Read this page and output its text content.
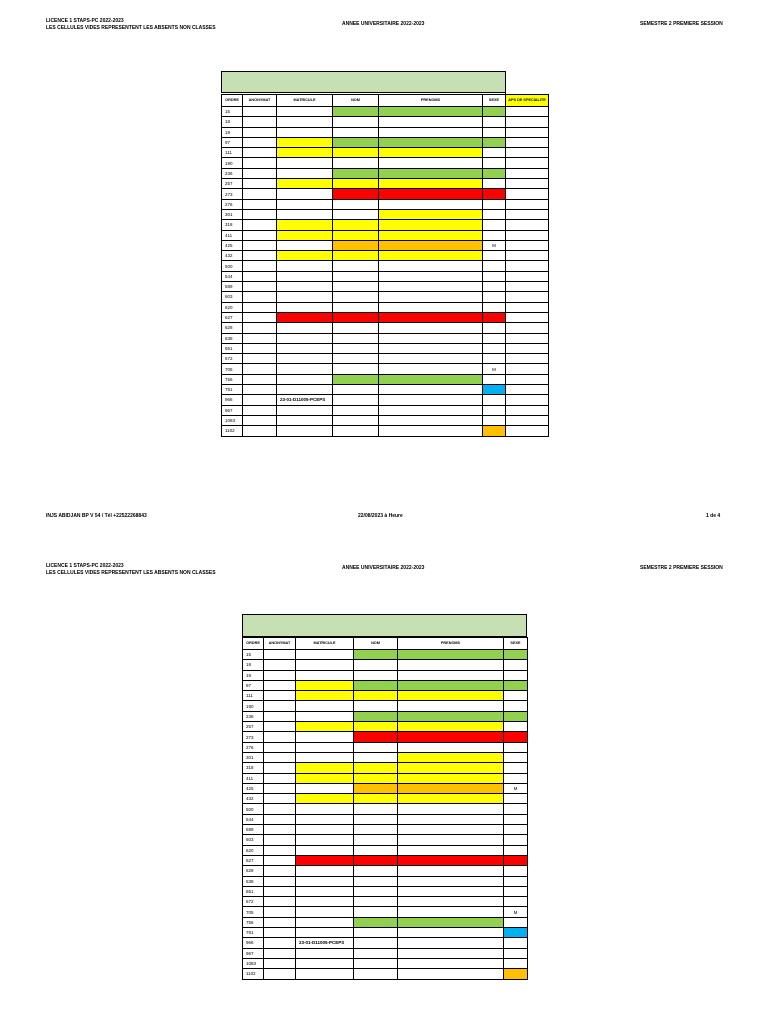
LICENCE 1 STAPS-PC 2022-2023
LES CELLULES VIDES REPRESENTENT LES ABSENTS NON CLASSES
ANNEE UNIVERSITAIRE 2022-2023	SEMESTRE 2 PREMIERE SESSION
ORDRE	ANONYMAT	MATRICULE	NOM	PRENOMS	SEXE	APS DE SPECIALITE
15						
18						
19						
97						
111						
190						
236						
257						
273						
276						
301						
318						
411						
425					M	
432						
500						
544						
589						
603						
620						
627						
628						
638						
651						
672						
705					M	
756						
791						
966		23-01-D11005-PCEPS				
967						
1083						
1102						
INJS ABIDJAN BP V 54 / Tél +22522268843	22/08/2023 à Heure	1 de 4
LICENCE 1 STAPS-PC 2022-2023
LES CELLULES VIDES REPRESENTENT LES ABSENTS NON CLASSES
ANNEE UNIVERSITAIRE 2022-2023	SEMESTRE 2 PREMIERE SESSION
ORDRE	ANONYMAT	MATRICULE	NOM	PRENOMS	SEXE
15					
18					
19					
97					
111					
190					
236					
257					
273					
276					
301					
318					
411					
425					M
432					
500					
544					
589					
603					
620					
627					
628					
638					
651					
672					
705					M
756					
791					
966		23-01-D11005-PCEPS			
967					
1083					
1102					
